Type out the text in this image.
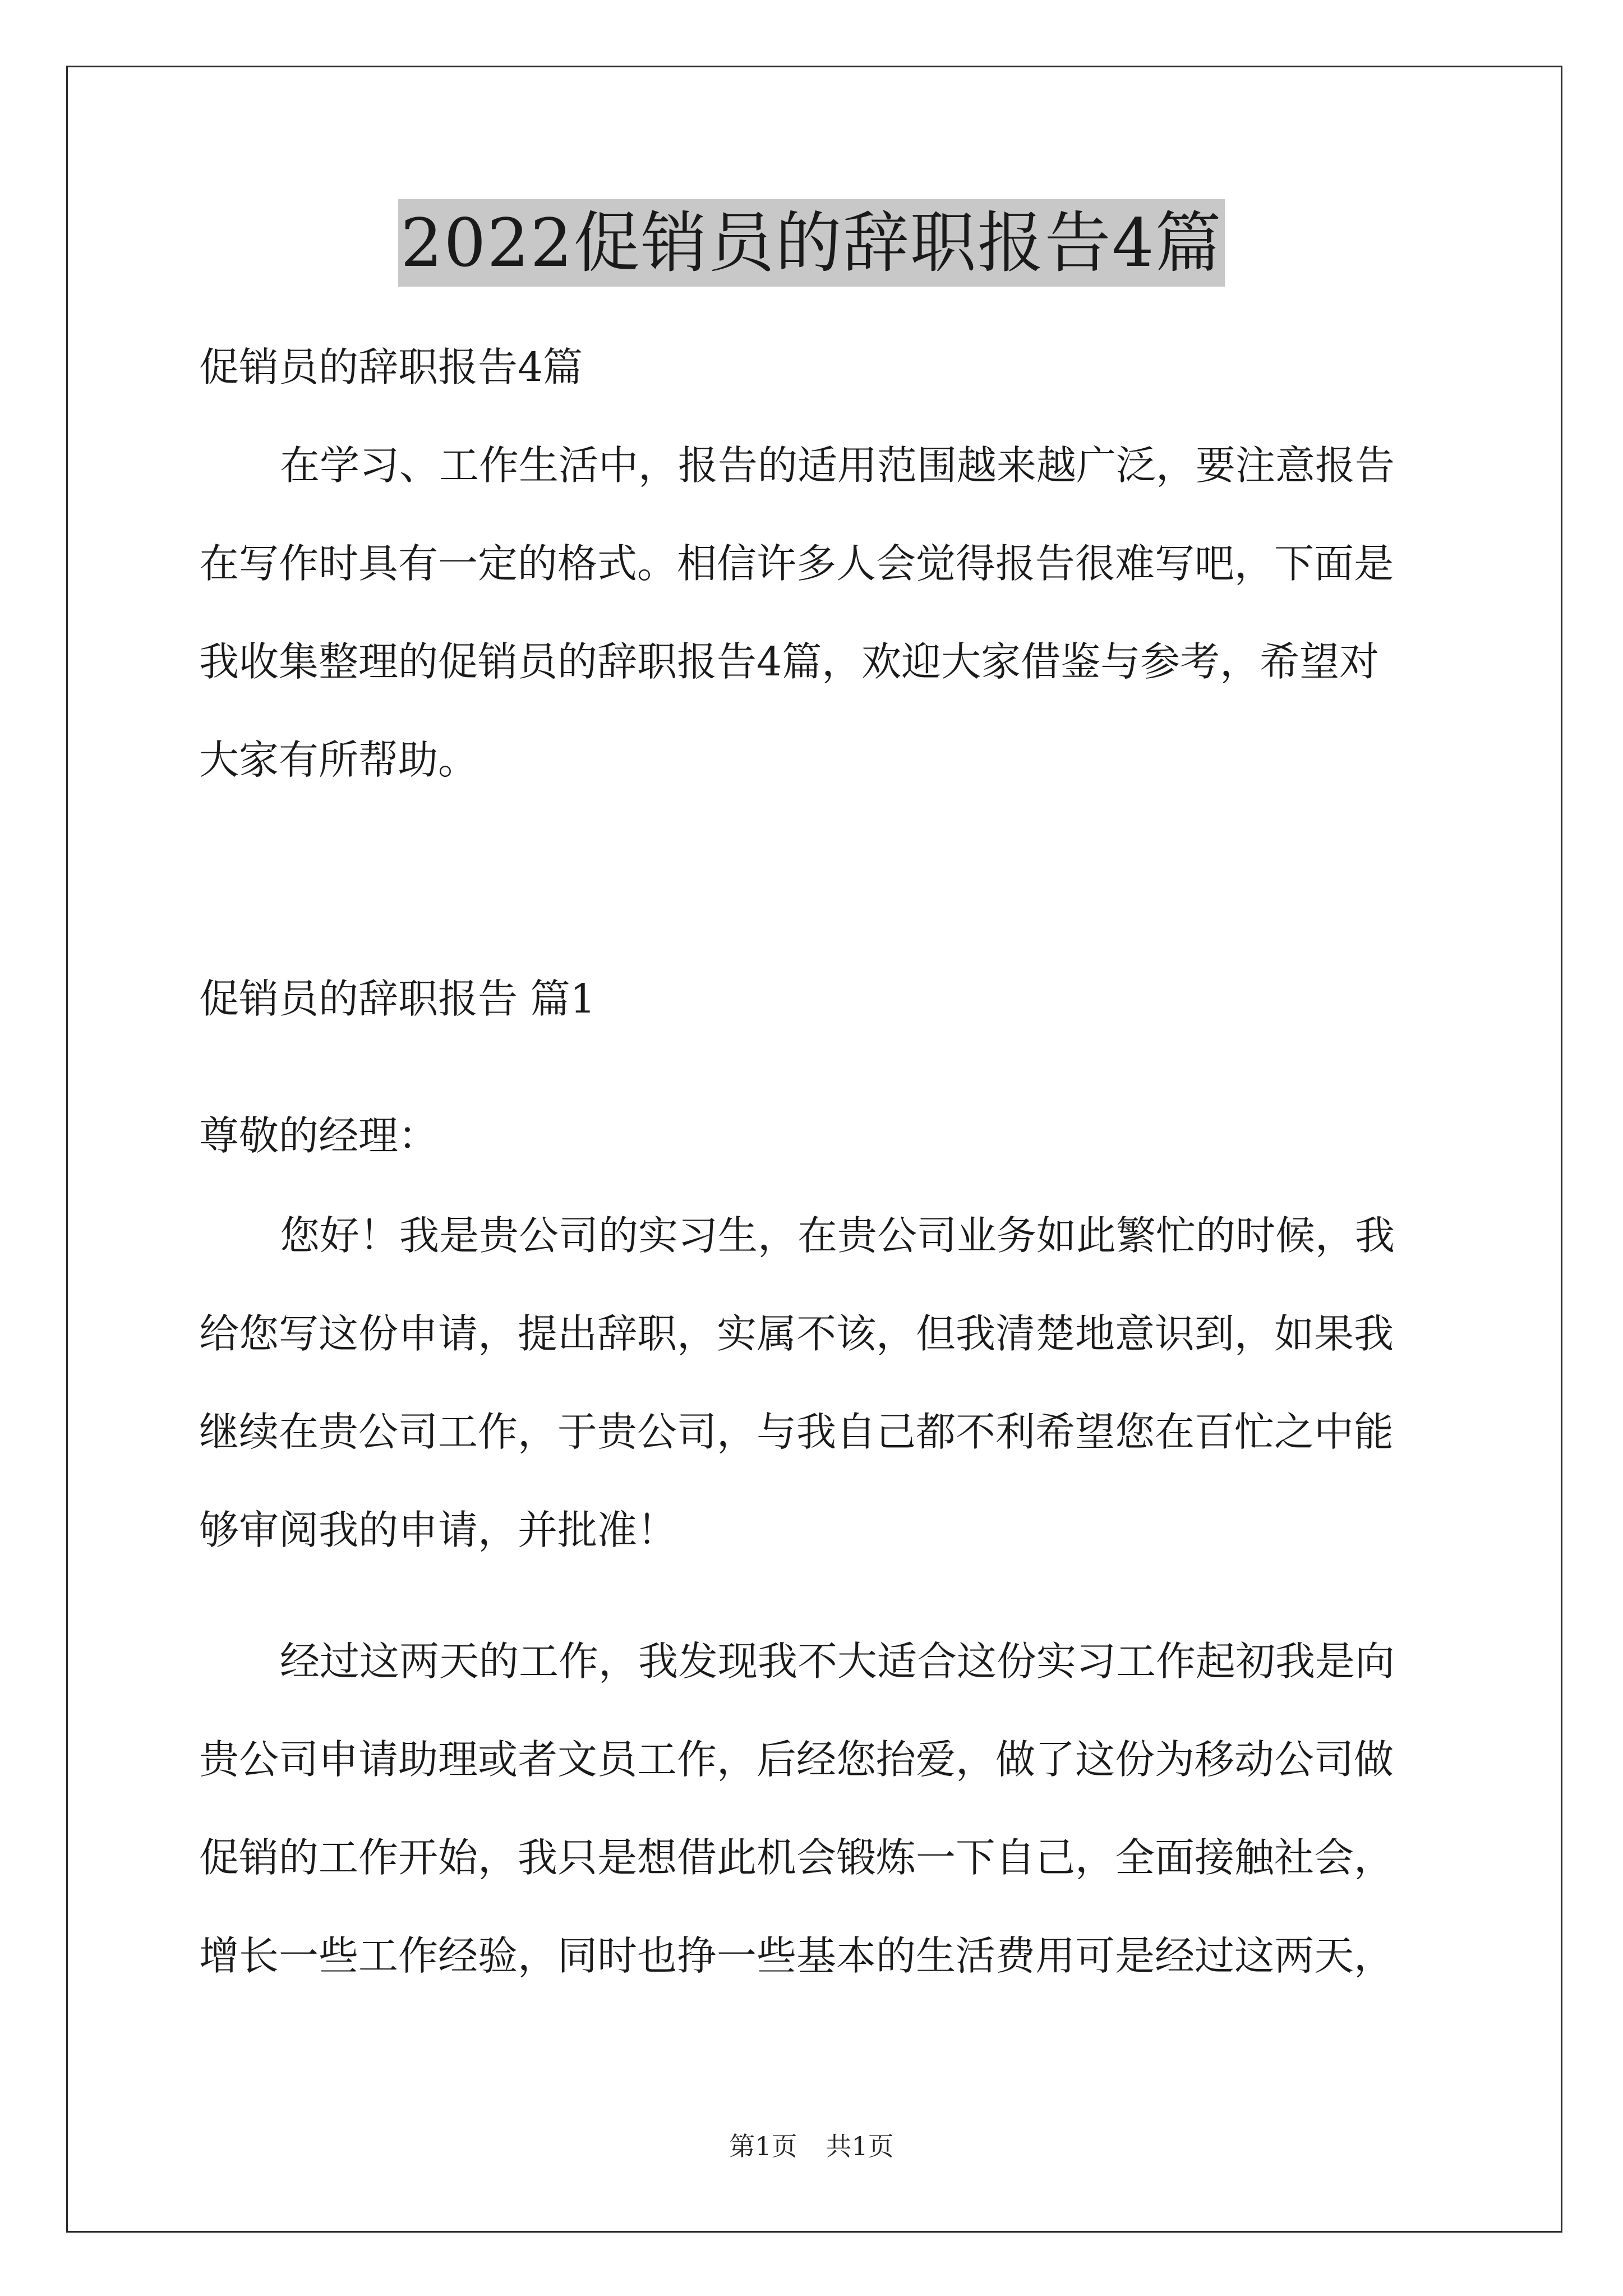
2022促销员的辞职报告4篇
促销员的辞职报告4篇
在学习、工作生活中，报告的适用范围越来越广泛，要注意报告
在写作时具有一定的格式。相信许多人会觉得报告很难写吧，下面是
我收集整理的促销员的辞职报告4篇，欢迎大家借鉴与参考，希望对
大家有所帮助。
促销员的辞职报告 篇1
尊敬的经理：
您好！我是贵公司的实习生，在贵公司业务如此繁忙的时候，我
给您写这份申请，提出辞职，实属不该，但我清楚地意识到，如果我
继续在贵公司工作，于贵公司，与我自己都不利希望您在百忙之中能
够审阅我的申请，并批准！
经过这两天的工作，我发现我不大适合这份实习工作起初我是向
贵公司申请助理或者文员工作，后经您抬爱，做了这份为移动公司做
促销的工作开始，我只是想借此机会锻炼一下自己，全面接触社会，
增长一些工作经验，同时也挣一些基本的生活费用可是经过这两天，
第1页 共1页
